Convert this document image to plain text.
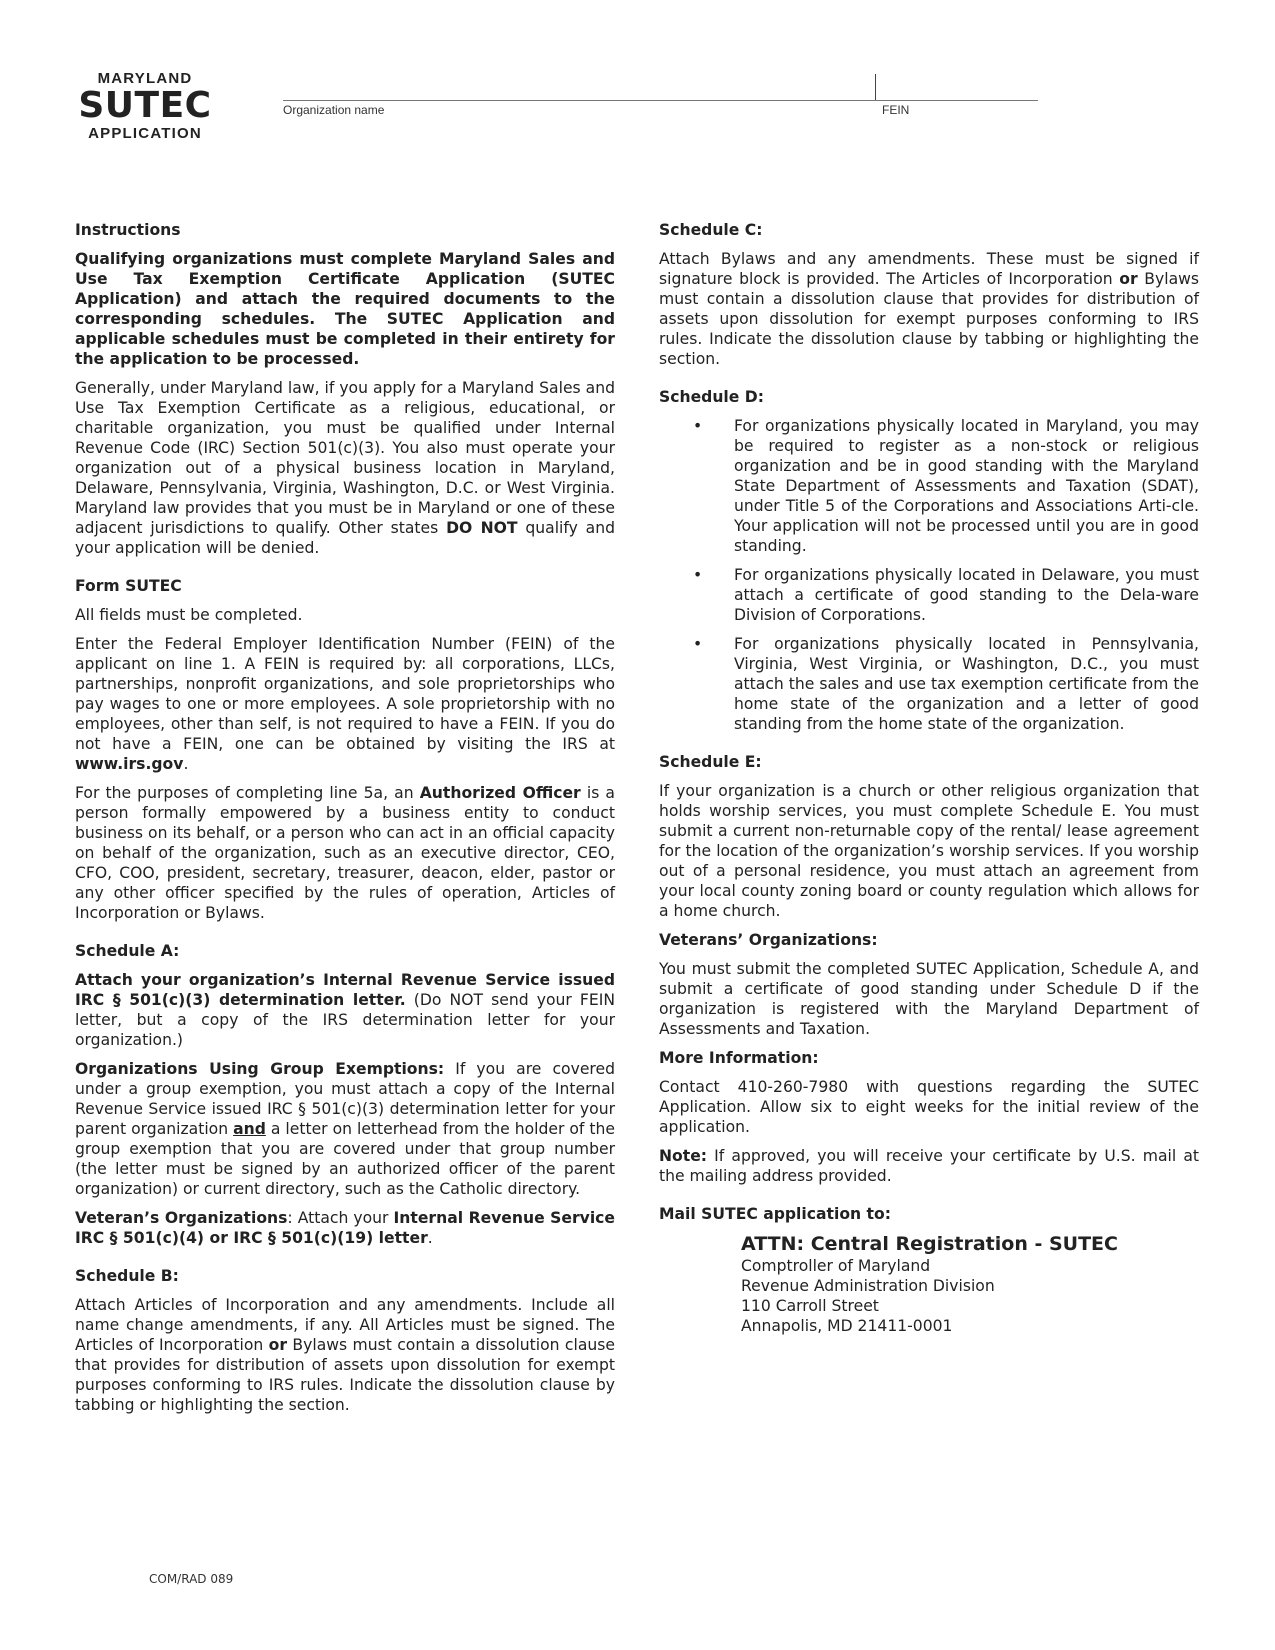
MARYLAND
SUTEC
APPLICATION
Organization name	FEIN
Instructions

Qualifying organizations must complete Maryland Sales and Use Tax Exemption Certificate Application (SUTEC Application) and attach the required documents to the corresponding schedules. The SUTEC Application and applicable schedules must be completed in their entirety for the application to be processed.

Generally, under Maryland law, if you apply for a Maryland Sales and Use Tax Exemption Certificate as a religious, educational, or charitable organization, you must be qualified under Internal Revenue Code (IRC) Section 501(c)(3). You also must operate your organization out of a physical business location in Maryland, Delaware, Pennsylvania, Virginia, Washington, D.C. or West Virginia. Maryland law provides that you must be in Maryland or one of these adjacent jurisdictions to qualify. Other states DO NOT qualify and your application will be denied.

Form SUTEC

All fields must be completed.

Enter the Federal Employer Identification Number (FEIN) of the applicant on line 1. A FEIN is required by: all corporations, LLCs, partnerships, nonprofit organizations, and sole proprietorships who pay wages to one or more employees. A sole proprietorship with no employees, other than self, is not required to have a FEIN. If you do not have a FEIN, one can be obtained by visiting the IRS at www.irs.gov.

For the purposes of completing line 5a, an Authorized Officer is a person formally empowered by a business entity to conduct business on its behalf, or a person who can act in an official capacity on behalf of the organization, such as an executive director, CEO, CFO, COO, president, secretary, treasurer, deacon, elder, pastor or any other officer specified by the rules of operation, Articles of Incorporation or Bylaws.

Schedule A:

Attach your organization’s Internal Revenue Service issued IRC § 501(c)(3) determination letter. (Do NOT send your FEIN letter, but a copy of the IRS determination letter for your organization.)

Organizations Using Group Exemptions: If you are covered under a group exemption, you must attach a copy of the Internal Revenue Service issued IRC § 501(c)(3) determination letter for your parent organization and a letter on letterhead from the holder of the group exemption that you are covered under that group number (the letter must be signed by an authorized officer of the parent organization) or current directory, such as the Catholic directory.

Veteran’s Organizations: Attach your Internal Revenue Service IRC § 501(c)(4) or IRC § 501(c)(19) letter.

Schedule B:

Attach Articles of Incorporation and any amendments. Include all name change amendments, if any. All Articles must be signed. The Articles of Incorporation or Bylaws must contain a dissolution clause that provides for distribution of assets upon dissolution for exempt purposes conforming to IRS rules. Indicate the dissolution clause by tabbing or highlighting the section.

Schedule C:

Attach Bylaws and any amendments. These must be signed if signature block is provided. The Articles of Incorporation or Bylaws must contain a dissolution clause that provides for distribution of assets upon dissolution for exempt purposes conforming to IRS rules. Indicate the dissolution clause by tabbing or highlighting the section.

Schedule D:
• For organizations physically located in Maryland, you may be required to register as a non-stock or religious organization and be in good standing with the Maryland State Department of Assessments and Taxation (SDAT), under Title 5 of the Corporations and Associations Arti-cle. Your application will not be processed until you are in good standing.
• For organizations physically located in Delaware, you must attach a certificate of good standing to the Dela-ware Division of Corporations.
• For organizations physically located in Pennsylvania, Virginia, West Virginia, or Washington, D.C., you must attach the sales and use tax exemption certificate from the home state of the organization and a letter of good standing from the home state of the organization.
Schedule E:

If your organization is a church or other religious organization that holds worship services, you must complete Schedule E. You must submit a current non-returnable copy of the rental/ lease agreement for the location of the organization’s worship services. If you worship out of a personal residence, you must attach an agreement from your local county zoning board or county regulation which allows for a home church.

Veterans’ Organizations:

You must submit the completed SUTEC Application, Schedule A, and submit a certificate of good standing under Schedule D if the organization is registered with the Maryland Department of Assessments and Taxation.

More Information:

Contact 410-260-7980 with questions regarding the SUTEC Application. Allow six to eight weeks for the initial review of the application.

Note: If approved, you will receive your certificate by U.S. mail at the mailing address provided.

Mail SUTEC application to:
ATTN: Central Registration - SUTEC
Comptroller of Maryland
Revenue Administration Division
110 Carroll Street
Annapolis, MD 21411-0001
COM/RAD 089
